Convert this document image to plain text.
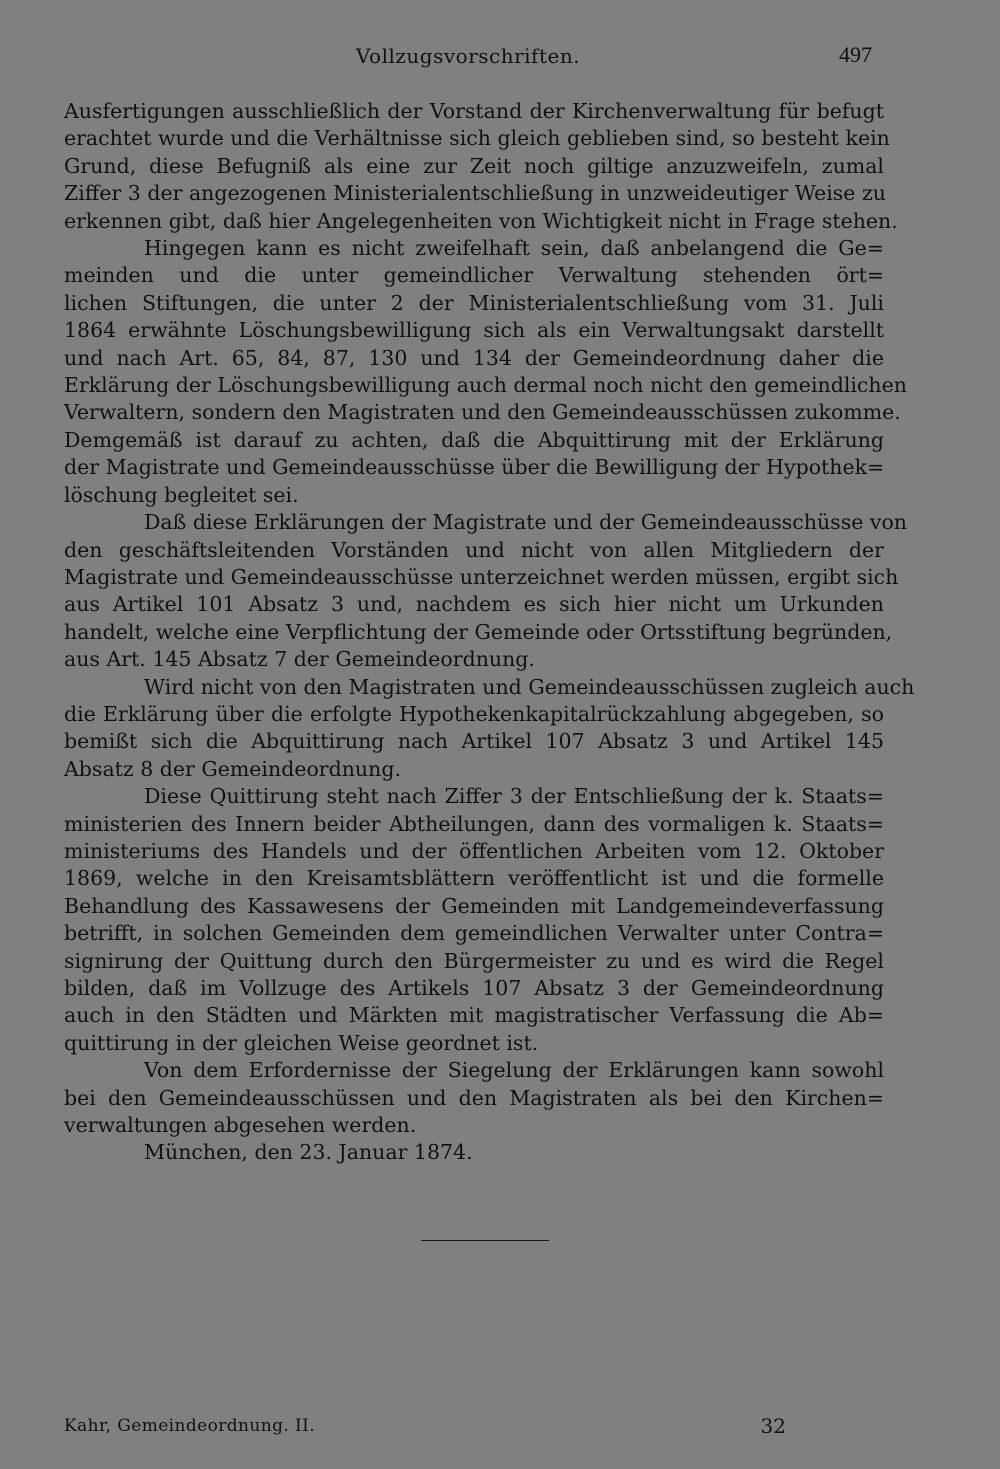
Vollzugsvorschriften.	497

Ausfertigungen ausschließlich der Vorstand der Kirchenverwaltung für befugt
erachtet wurde und die Verhältnisse sich gleich geblieben sind, so besteht kein
Grund, diese Befugniß als eine zur Zeit noch giltige anzuzweifeln, zumal
Ziffer 3 der angezogenen Ministerialentschließung in unzweideutiger Weise zu
erkennen gibt, daß hier Angelegenheiten von Wichtigkeit nicht in Frage stehen.

Hingegen kann es nicht zweifelhaft sein, daß anbelangend die Ge=
meinden und die unter gemeindlicher Verwaltung stehenden ört=
lichen Stiftungen, die unter 2 der Ministerialentschließung vom 31. Juli
1864 erwähnte Löschungsbewilligung sich als ein Verwaltungsakt darstellt
und nach Art. 65, 84, 87, 130 und 134 der Gemeindeordnung daher die
Erklärung der Löschungsbewilligung auch dermal noch nicht den gemeindlichen
Verwaltern, sondern den Magistraten und den Gemeindeausschüssen zukomme.
Demgemäß ist darauf zu achten, daß die Abquittirung mit der Erklärung
der Magistrate und Gemeindeausschüsse über die Bewilligung der Hypothek=
löschung begleitet sei.

Daß diese Erklärungen der Magistrate und der Gemeindeausschüsse von
den geschäftsleitenden Vorständen und nicht von allen Mitgliedern der
Magistrate und Gemeindeausschüsse unterzeichnet werden müssen, ergibt sich
aus Artikel 101 Absatz 3 und, nachdem es sich hier nicht um Urkunden
handelt, welche eine Verpflichtung der Gemeinde oder Ortsstiftung begründen,
aus Art. 145 Absatz 7 der Gemeindeordnung.

Wird nicht von den Magistraten und Gemeindeausschüssen zugleich auch
die Erklärung über die erfolgte Hypothekenkapitalrückzahlung abgegeben, so
bemißt sich die Abquittirung nach Artikel 107 Absatz 3 und Artikel 145
Absatz 8 der Gemeindeordnung.

Diese Quittirung steht nach Ziffer 3 der Entschließung der k. Staats=
ministerien des Innern beider Abtheilungen, dann des vormaligen k. Staats=
ministeriums des Handels und der öffentlichen Arbeiten vom 12. Oktober
1869, welche in den Kreisamtsblättern veröffentlicht ist und die formelle
Behandlung des Kassawesens der Gemeinden mit Landgemeindeverfassung
betrifft, in solchen Gemeinden dem gemeindlichen Verwalter unter Contra=
signirung der Quittung durch den Bürgermeister zu und es wird die Regel
bilden, daß im Vollzuge des Artikels 107 Absatz 3 der Gemeindeordnung
auch in den Städten und Märkten mit magistratischer Verfassung die Ab=
quittirung in der gleichen Weise geordnet ist.

Von dem Erfordernisse der Siegelung der Erklärungen kann sowohl
bei den Gemeindeausschüssen und den Magistraten als bei den Kirchen=
verwaltungen abgesehen werden.

München, den 23. Januar 1874.

Kahr, Gemeindeordnung. II.	32
